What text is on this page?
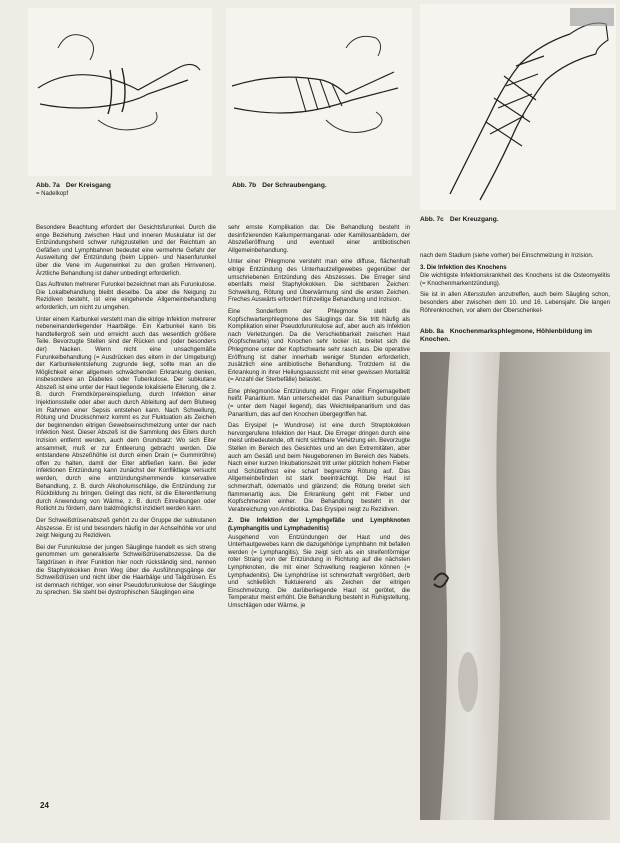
Abb. 7a Der Kreisgang
= Nadelkopf
Abb. 7b Der Schraubengang.
Abb. 7c Der Kreuzgang.

Besondere Beachtung erfordert der Gesichtsfurunkel. Durch die enge Beziehung zwischen Haut und inneren Muskulatur ist der Entzündungsherd schwer ruhigzustellen und der Reichtum an Gefäßen und Lymphbahnen bedeutet eine vermehrte Gefahr der Ausweitung der Entzündung (beim Lippen- und Nasenfurunkel über die Vene im Augenwinkel zu den großen Hirnvenen). Ärztliche Behandlung ist daher unbedingt erforderlich.

Das Auftreten mehrerer Furunkel bezeichnet man als Furunkulose. Die Lokalbehandlung bleibt dieselbe. Da aber die Neigung zu Rezidiven besteht, ist eine eingehende Allgemeinbehandlung erforderlich, um nicht zu umgehen.

Unter einem Karbunkel versteht man die eitrige Infektion mehrerer nebeneinanderliegender Haarbälge. Ein Karbunkel kann bis handtellergroß sein und erreicht auch das wesentlich größere Teile. Bevorzugte Stellen sind der Rücken und (oder besonders der) Nacken. Wenn nicht eine unsachgemäße Furunkelbehandlung (= Ausdrücken des eitern in der Umgebung) der Karbunkelentstehung zugrunde liegt, sollte man an die Möglichkeit einer allgemein schwächenden Erkrankung denken, insbesondere an Diabetes oder Tuberkulose. Der subkutane Abszeß ist eine unter der Haut liegende lokalisierte Eiterung, die z. B. durch Fremdkörpereinspießung, durch Infektion einer Injektionsstelle oder aber auch durch Ableitung auf dem Blutweg im Rahmen einer Sepsis entstehen kann. Nach Schwellung, Rötung und Druckschmerz kommt es zur Fluktuation als Zeichen der beginnenden eitrigen Gewebseinschmelzung unter der nach Infektion Nest. Dieser Abszeß ist die Sammlung des Eiters durch Inzision entfernt werden, auch dem Grundsatz: Wo sich Eiter ansammelt, muß er zur Entleerung gebracht werden. Die entstandene Abszeßhöhle ist durch einen Drain (= Gummiröhre) offen zu halten, damit der Eiter abfließen kann. Bei jeder Infektionen Entzündung kann zunächst der Konfliktlage versucht werden, durch eine entzündungshemmende konservative Behandlung, z. B. durch Alkoholumschläge, die Entzündung zur Rückbildung zu bringen. Gelingt das nicht, ist die Eiterentfernung durch Anwendung von Wärme, z. B. durch Einreibungen oder Rotlicht zu fördern, dann baldmöglichst inzidiert werden kann.

Der Schweißdrüsenabszeß gehört zu der Gruppe der subkutanen Abszesse. Er ist und besonders häufig in der Achselhöhle vor und zeigt Neigung zu Rezidiven.

Bei der Furunkulose der jungen Säuglinge handelt es sich streng genommen um generalisierte Schweißdrüsenabszesse. Da die Talgdrüsen in ihrer Funktion hier noch rückständig sind, nennen die Staphylokokken ihren Weg über die Ausführungsgänge der Schweißdrüsen und nicht über die Haarbälge und Talgdrüsen. Es ist demnach richtiger, von einer Pseudofurunkulose der Säuglinge zu sprechen. Sie steht bei dystrophischen Säuglingen eine

sehr ernste Komplikation dar. Die Behandlung besteht in desinfizierenden Kaliumpermanganat- oder Kamillosanbädern, der Abszeßeröffnung und eventuell einer antibiotischen Allgemeinbehandlung.

Unter einer Phlegmone versteht man eine diffuse, flächenhaft eitrige Entzündung des Unterhautzellgewebes gegenüber der umschriebenen Entzündung des Abszesses. Die Erreger sind ebenfalls meist Staphylokokken. Die sichtbaren Zeichen: Schwellung, Rötung und Überwärmung sind die ersten Zeichen. Freches Auswärts erfordert frühzeitige Behandlung und Inzision.

Eine Sonderform der Phlegmone stellt die Kopfschwartenphlegmone des Säuglings dar. Sie tritt häufig als Komplikation einer Pseudofurunkulose auf, aber auch als Infektion nach Verletzungen. Da die Verschiebbarkeit zwischen Haut (Kopfschwarte) und Knochen sehr locker ist, breitet sich die Phlegmone unter der Kopfschwarte sehr rasch aus. Die operative Eröffnung ist daher innerhalb weniger Stunden erforderlich, zusätzlich eine antibiotische Behandlung. Trotzdem ist die Erkrankung in ihrer Heilungsaussicht mit einer gewissen Mortalität (= Anzahl der Sterbefälle) belastet.

Eine phlegmonöse Entzündung am Finger oder Fingernagelbett heißt Panaritium. Man unterscheidet das Panaritium subungulale (= unter dem Nagel liegend), das Weichteilpanaritium und das Panaritium, das auf den Knochen übergegriffen hat.

Das Erysipel (= Wundrose) ist eine durch Streptokokken hervorgerufene Infektion der Haut. Die Erreger dringen durch eine meist unbedeutende, oft nicht sichtbare Verletzung ein. Bevorzugte Stellen im Bereich des Gesichtes und an den Extremitäten, aber auch am Gesäß und beim Neugeborenen im Bereich des Nabels. Nach einer kurzen Inkubationszeit tritt unter plötzlich hohem Fieber und Schüttelfrost eine scharf begrenzte Rötung auf. Das Allgemeinbefinden ist stark beeinträchtigt. Die Haut ist schmerzhaft, ödematös und glänzend; die Rötung breitet sich flammenartig aus. Die Erkrankung geht mit Fieber und Kopfschmerzen einher. Die Behandlung besteht in der Verabreichung von Antibiotika. Das Erysipel neigt zu Rezidiven.

2. Die Infektion der Lymphgefäße und Lymphknoten (Lymphangitis und Lymphadenitis)

Ausgehend von Entzündungen der Haut und des Unterhautgewebes kann die dazugehörige Lymphbahn mit befallen werden (= Lymphangitis). Sie zeigt sich als ein streifenförmiger roter Strang von der Entzündung in Richtung auf die nächsten Lymphknoten, die mit einer Schwellung reagieren können (= Lymphadenitis). Die Lymphdrüse ist schmerzhaft vergrößert, derb und schließlich fluktuierend als Zeichen der eitrigen Einschmelzung. Die darüberliegende Haut ist gerötet, die Temperatur meist erhöht. Die Behandlung besteht in Ruhigstellung, Umschlägen oder Wärme, je

nach dem Stadium (siehe vorher) bei Einschmelzung in Inzision.

3. Die Infektion des Knochens

Die wichtigste Infektionskrankheit des Knochens ist die Osteomyelitis (= Knochenmarkentzündung).

Sie ist in allen Altersstufen anzutreffen, auch beim Säugling schon, besonders aber zwischen dem 10. und 16. Lebensjahr. Die langen Röhrenknochen, vor allem der Oberschenkel-

Abb. 8a Knochenmarksphlegmone, Höhlenbildung im Knochen.
24
